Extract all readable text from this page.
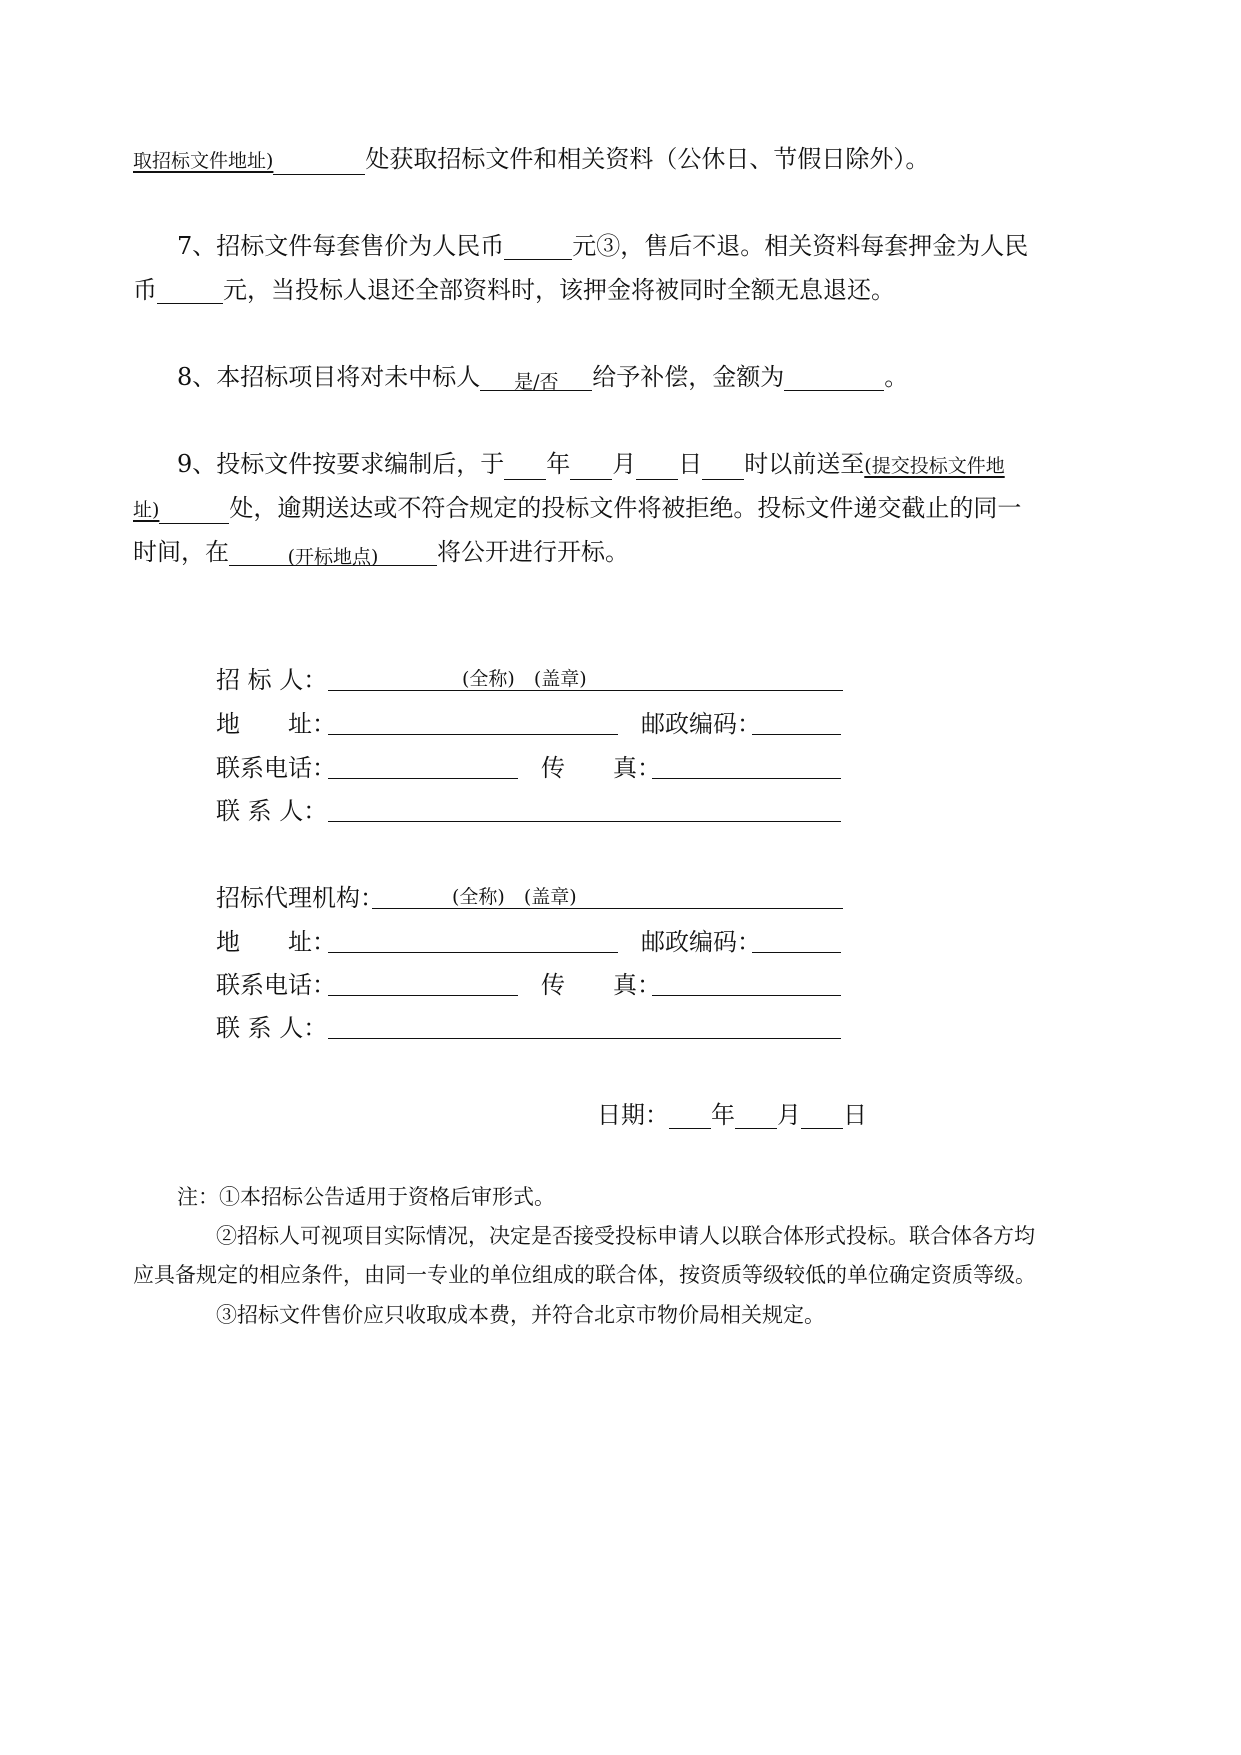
取招标文件地址)	处获取招标文件和相关资料（公休日、节假日除外）。
7、招标文件每套售价为人民币	元③，售后不退。相关资料每套押金为人民
币	元，当投标人退还全部资料时，该押金将被同时全额无息退还。
8、本招标项目将对未中标人 是/否 给予补偿，金额为	。
9、投标文件按要求编制后，于 年 月 日 时以前送至(提交投标文件地
址)	处，逾期送达或不符合规定的投标文件将被拒绝。投标文件递交截止的同一
时间，在	(开标地点) 将公开进行开标。
招 标 人：	(全称)　(盖章)
地　　址：	邮政编码：
联系电话：	传　　真：
联 系 人：
招标代理机构：	(全称)　(盖章)
地　　址：	邮政编码：
联系电话：	传　　真：
联 系 人：
日期： 年 月 日
注：①本招标公告适用于资格后审形式。
②招标人可视项目实际情况，决定是否接受投标申请人以联合体形式投标。联合体各方均
应具备规定的相应条件，由同一专业的单位组成的联合体，按资质等级较低的单位确定资质等级。
③招标文件售价应只收取成本费，并符合北京市物价局相关规定。
